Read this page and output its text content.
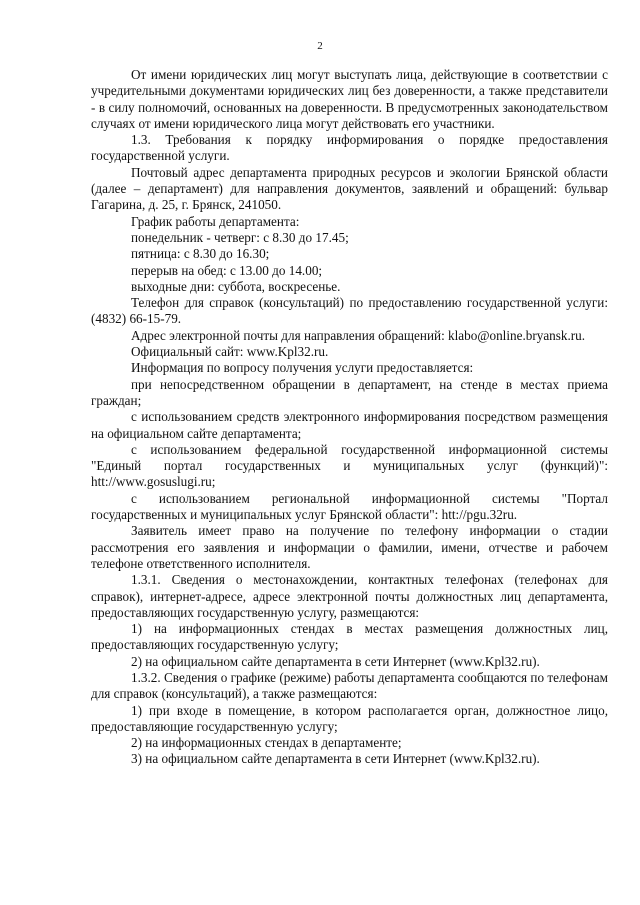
2

От имени юридических лиц могут выступать лица, действующие в соответствии с учредительными документами юридических лиц без доверенности, а также представители - в силу полномочий, основанных на доверенности. В предусмотренных законодательством случаях от имени юридического лица могут действовать его участники.

1.3. Требования к порядку информирования о порядке предоставления государственной услуги.

Почтовый адрес департамента природных ресурсов и экологии Брянской области (далее – департамент) для направления документов, заявлений и обращений: бульвар Гагарина, д. 25, г. Брянск, 241050.

График работы департамента:

понедельник - четверг: с 8.30 до 17.45;

пятница: с 8.30 до 16.30;

перерыв на обед: с 13.00 до 14.00;

выходные дни: суббота, воскресенье.

Телефон для справок (консультаций) по предоставлению государственной услуги: (4832) 66-15-79.

Адрес электронной почты для направления обращений: klabo@online.bryansk.ru.

Официальный сайт: www.Kpl32.ru.

Информация по вопросу получения услуги предоставляется:

при непосредственном обращении в департамент, на стенде в местах приема граждан;

с использованием средств электронного информирования посредством размещения на официальном сайте департамента;

с использованием федеральной государственной информационной системы "Единый портал государственных и муниципальных услуг (функций)": htt://www.gosuslugi.ru;

с использованием региональной информационной системы "Портал государственных и муниципальных услуг Брянской области": htt://pgu.32ru.

Заявитель имеет право на получение по телефону информации о стадии рассмотрения его заявления и информации о фамилии, имени, отчестве и рабочем телефоне ответственного исполнителя.

1.3.1. Сведения о местонахождении, контактных телефонах (телефонах для справок), интернет-адресе, адресе электронной почты должностных лиц департамента, предоставляющих государственную услугу, размещаются:

1) на информационных стендах в местах размещения должностных лиц, предоставляющих государственную услугу;

2) на официальном сайте департамента в сети Интернет (www.Kpl32.ru).

1.3.2. Сведения о графике (режиме) работы департамента сообщаются по телефонам для справок (консультаций), а также размещаются:

1) при входе в помещение, в котором располагается орган, должностное лицо, предоставляющие государственную услугу;

2) на информационных стендах в департаменте;

3) на официальном сайте департамента в сети Интернет (www.Kpl32.ru).
